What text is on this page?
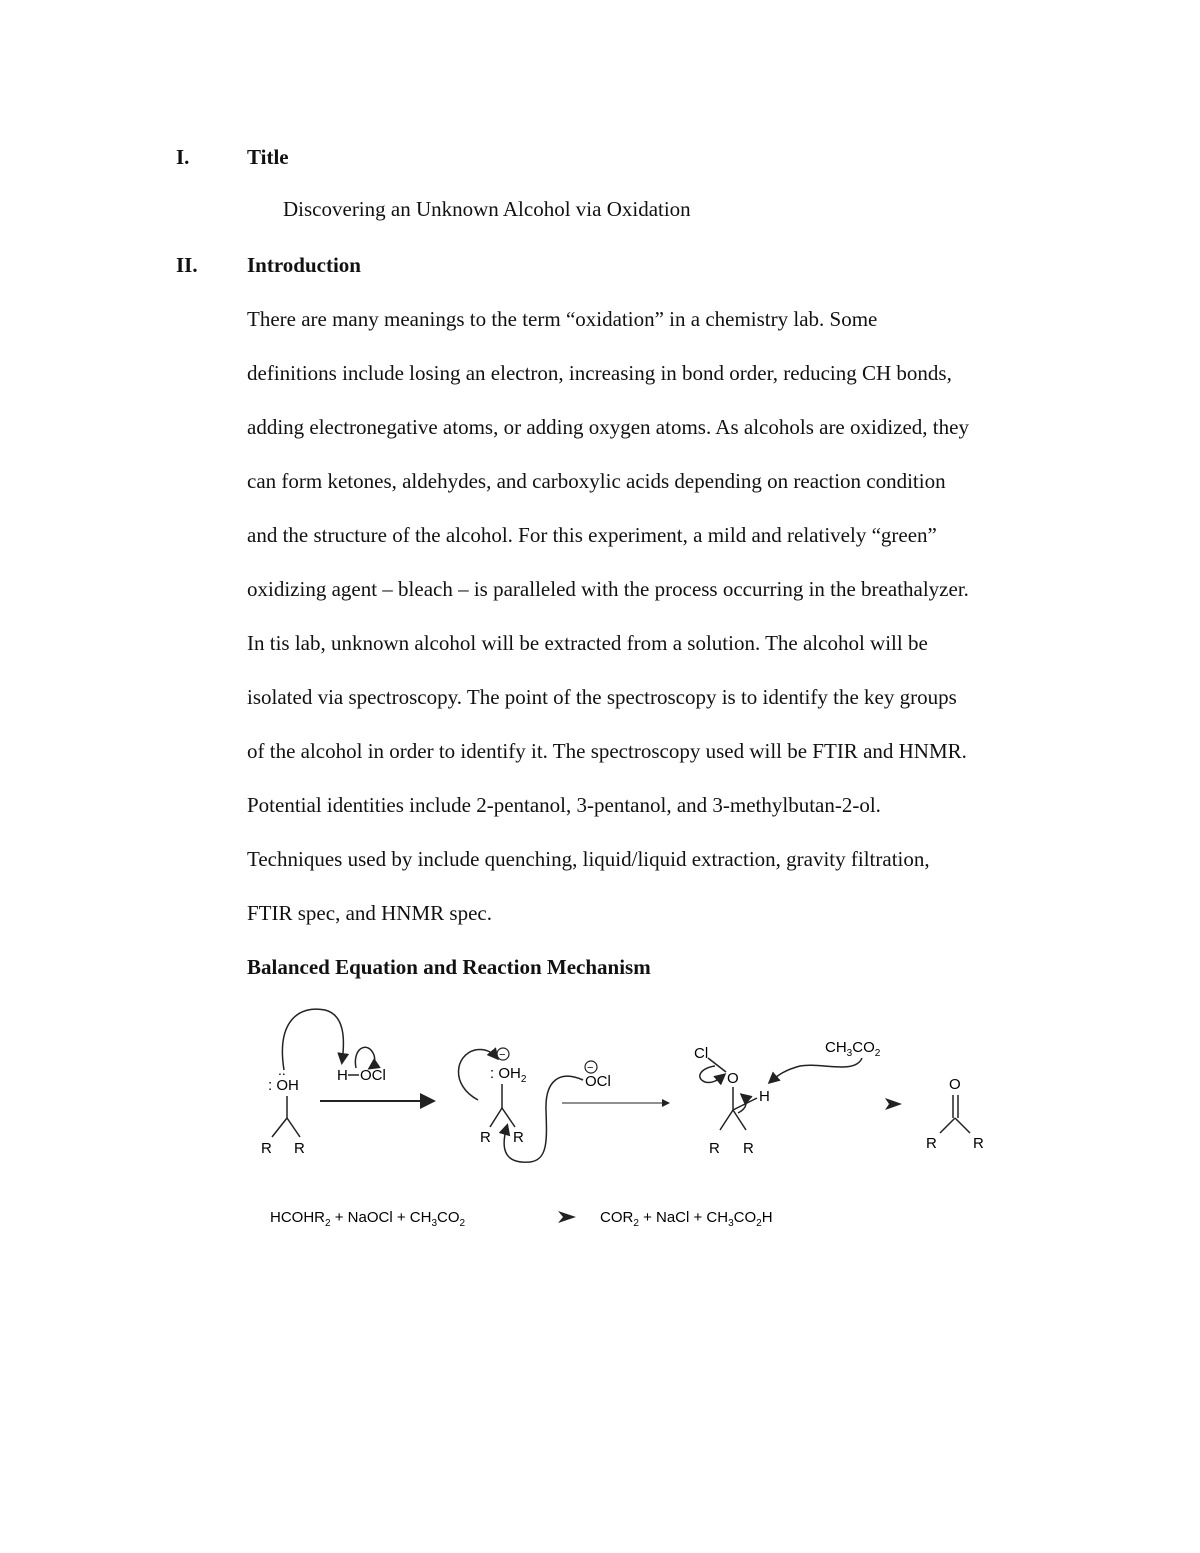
I.	Title
Discovering an Unknown Alcohol via Oxidation
II. Introduction
There are many meanings to the term “oxidation” in a chemistry lab. Some
definitions include losing an electron, increasing in bond order, reducing CH bonds,
adding electronegative atoms, or adding oxygen atoms. As alcohols are oxidized, they
can form ketones, aldehydes, and carboxylic acids depending on reaction condition
and the structure of the alcohol. For this experiment, a mild and relatively “green”
oxidizing agent – bleach – is paralleled with the process occurring in the breathalyzer.
In tis lab, unknown alcohol will be extracted from a solution. The alcohol will be
isolated via spectroscopy. The point of the spectroscopy is to identify the key groups
of the alcohol in order to identify it. The spectroscopy used will be FTIR and HNMR.
Potential identities include 2-pentanol, 3-pentanol, and 3-methylbutan-2-ol.
Techniques used by include quenching, liquid/liquid extraction, gravity filtration,
FTIR spec, and HNMR spec.
Balanced Equation and Reaction Mechanism
..
: OH
R R
H OCl
−
: $OH_2$
R R
−
OCl
Cl
O
H
R R
$CH_3CO_2$
O
R R
$HCOHR_2$ + NaOCl + $CH_3CO_2$	$COR_2$ + NaCl + $CH_3CO_2H$
